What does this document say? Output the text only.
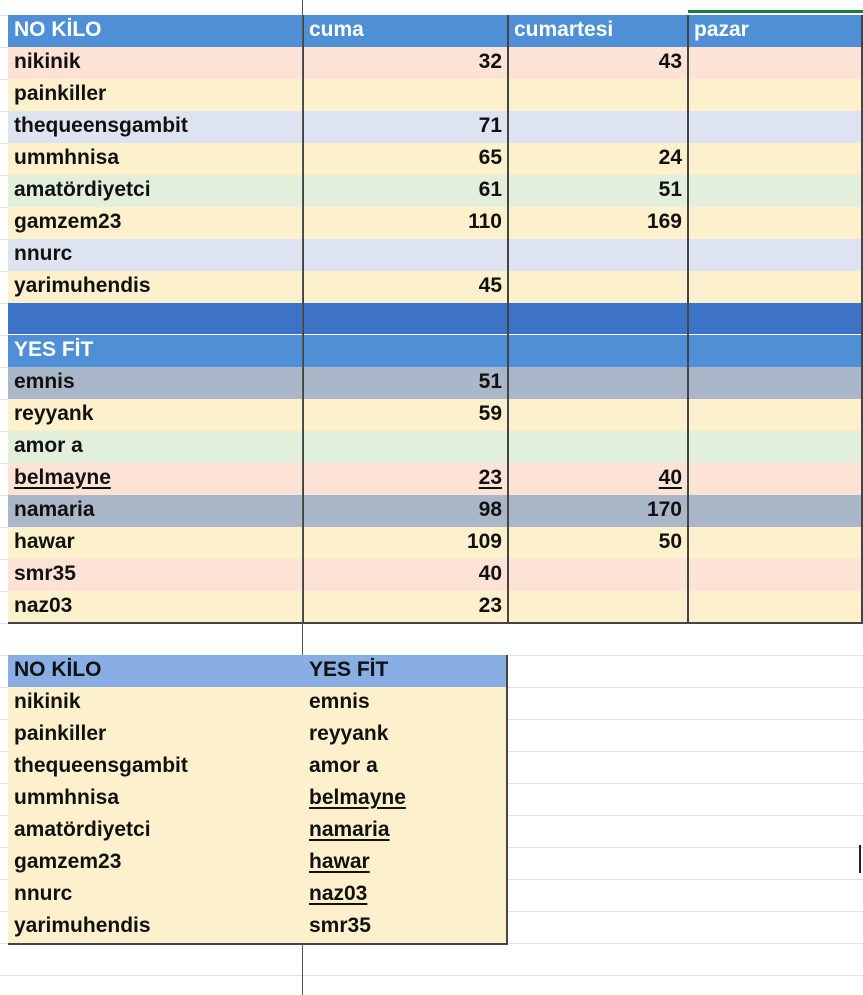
NO KİLO	cuma	cumartesi	pazar
nikinik	32	43
painkiller
thequeensgambit	71
ummhnisa	65	24
amatördiyetci	61	51
gamzem23	110	169
nnurc
yarimuhendis	45
YES FİT
emnis	51
reyyank	59
amor a
belmayne	23	40
namaria	98	170
hawar	109	50
smr35	40
naz03	23
NO KİLO	YES FİT
nikinik	emnis
painkiller	reyyank
thequeensgambit	amor a
ummhnisa	belmayne
amatördiyetci	namaria
gamzem23	hawar
nnurc	naz03
yarimuhendis	smr35
